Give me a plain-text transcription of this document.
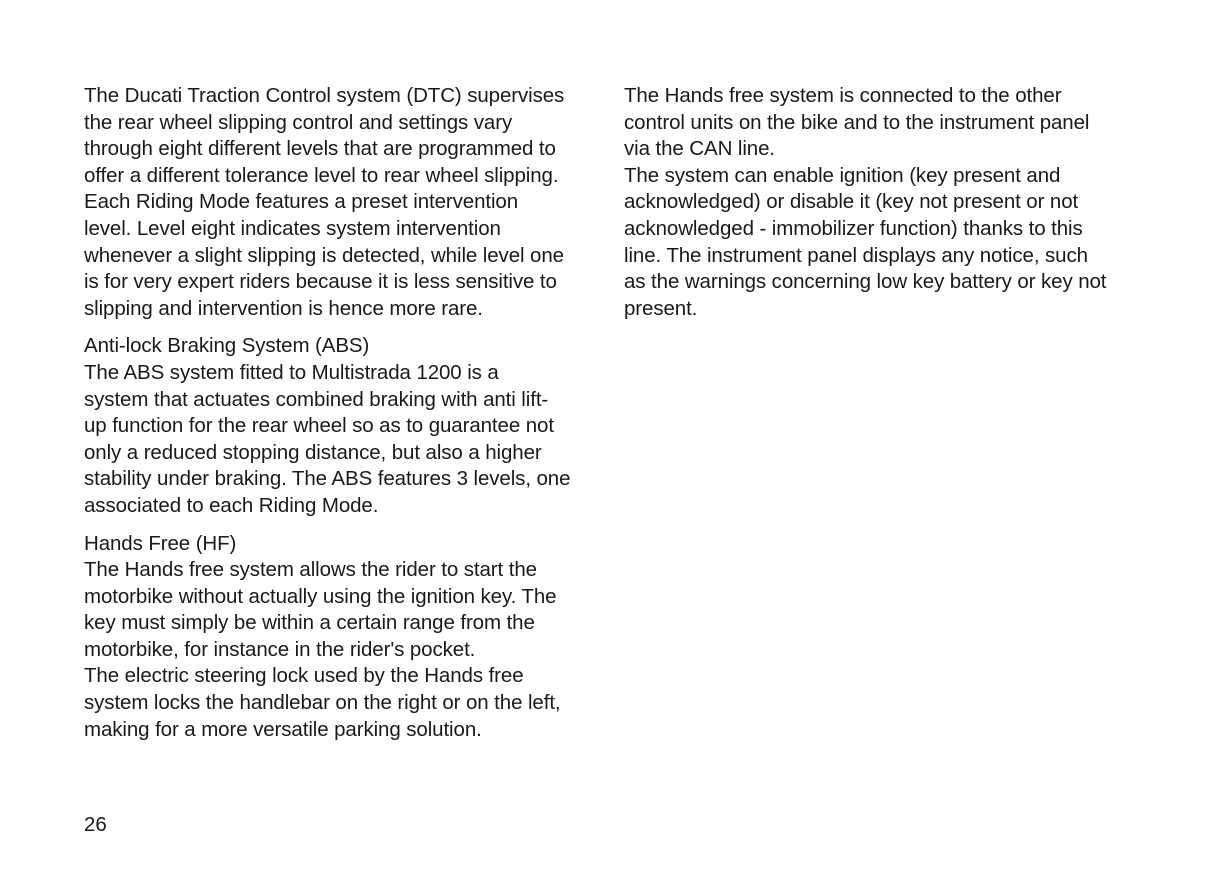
The Ducati Traction Control system (DTC) supervises
the rear wheel slipping control and settings vary
through eight different levels that are programmed to
offer a different tolerance level to rear wheel slipping.
Each Riding Mode features a preset intervention
level. Level eight indicates system intervention
whenever a slight slipping is detected, while level one
is for very expert riders because it is less sensitive to
slipping and intervention is hence more rare.
Anti-lock Braking System (ABS)
The ABS system fitted to Multistrada 1200 is a
system that actuates combined braking with anti lift-
up function for the rear wheel so as to guarantee not
only a reduced stopping distance, but also a higher
stability under braking. The ABS features 3 levels, one
associated to each Riding Mode.
Hands Free (HF)
The Hands free system allows the rider to start the
motorbike without actually using the ignition key. The
key must simply be within a certain range from the
motorbike, for instance in the rider's pocket.
The electric steering lock used by the Hands free
system locks the handlebar on the right or on the left,
making for a more versatile parking solution.
The Hands free system is connected to the other
control units on the bike and to the instrument panel
via the CAN line.
The system can enable ignition (key present and
acknowledged) or disable it (key not present or not
acknowledged - immobilizer function) thanks to this
line. The instrument panel displays any notice, such
as the warnings concerning low key battery or key not
present.
26
